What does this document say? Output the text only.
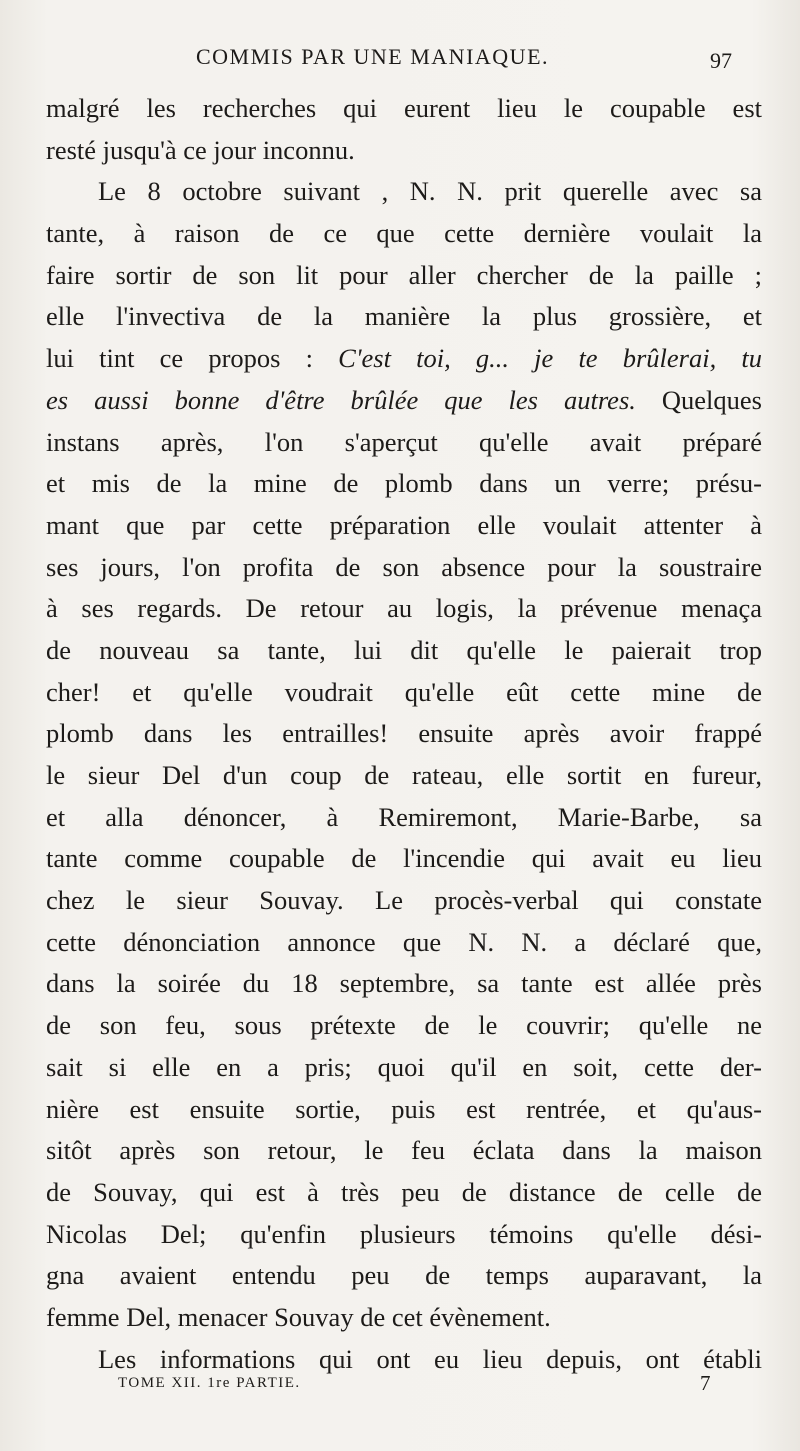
COMMIS PAR UNE MANIAQUE.	97
malgré les recherches qui eurent lieu le coupable est
resté jusqu'à ce jour inconnu.
Le 8 octobre suivant , N. N. prit querelle avec sa
tante, à raison de ce que cette dernière voulait la
faire sortir de son lit pour aller chercher de la paille ;
elle l'invectiva de la manière la plus grossière, et
lui tint ce propos : C'est toi, g... je te brûlerai, tu
es aussi bonne d'être brûlée que les autres. Quelques
instans après, l'on s'aperçut qu'elle avait préparé
et mis de la mine de plomb dans un verre; présu-
mant que par cette préparation elle voulait attenter à
ses jours, l'on profita de son absence pour la soustraire
à ses regards. De retour au logis, la prévenue menaça
de nouveau sa tante, lui dit qu'elle le paierait trop
cher! et qu'elle voudrait qu'elle eût cette mine de
plomb dans les entrailles! ensuite après avoir frappé
le sieur Del d'un coup de rateau, elle sortit en fureur,
et alla dénoncer, à Remiremont, Marie-Barbe, sa
tante comme coupable de l'incendie qui avait eu lieu
chez le sieur Souvay. Le procès-verbal qui constate
cette dénonciation annonce que N. N. a déclaré que,
dans la soirée du 18 septembre, sa tante est allée près
de son feu, sous prétexte de le couvrir; qu'elle ne
sait si elle en a pris; quoi qu'il en soit, cette der-
nière est ensuite sortie, puis est rentrée, et qu'aus-
sitôt après son retour, le feu éclata dans la maison
de Souvay, qui est à très peu de distance de celle de
Nicolas Del; qu'enfin plusieurs témoins qu'elle dési-
gna avaient entendu peu de temps auparavant, la
femme Del, menacer Souvay de cet évènement.
Les informations qui ont eu lieu depuis, ont établi
TOME XII. 1re PARTIE.	7
